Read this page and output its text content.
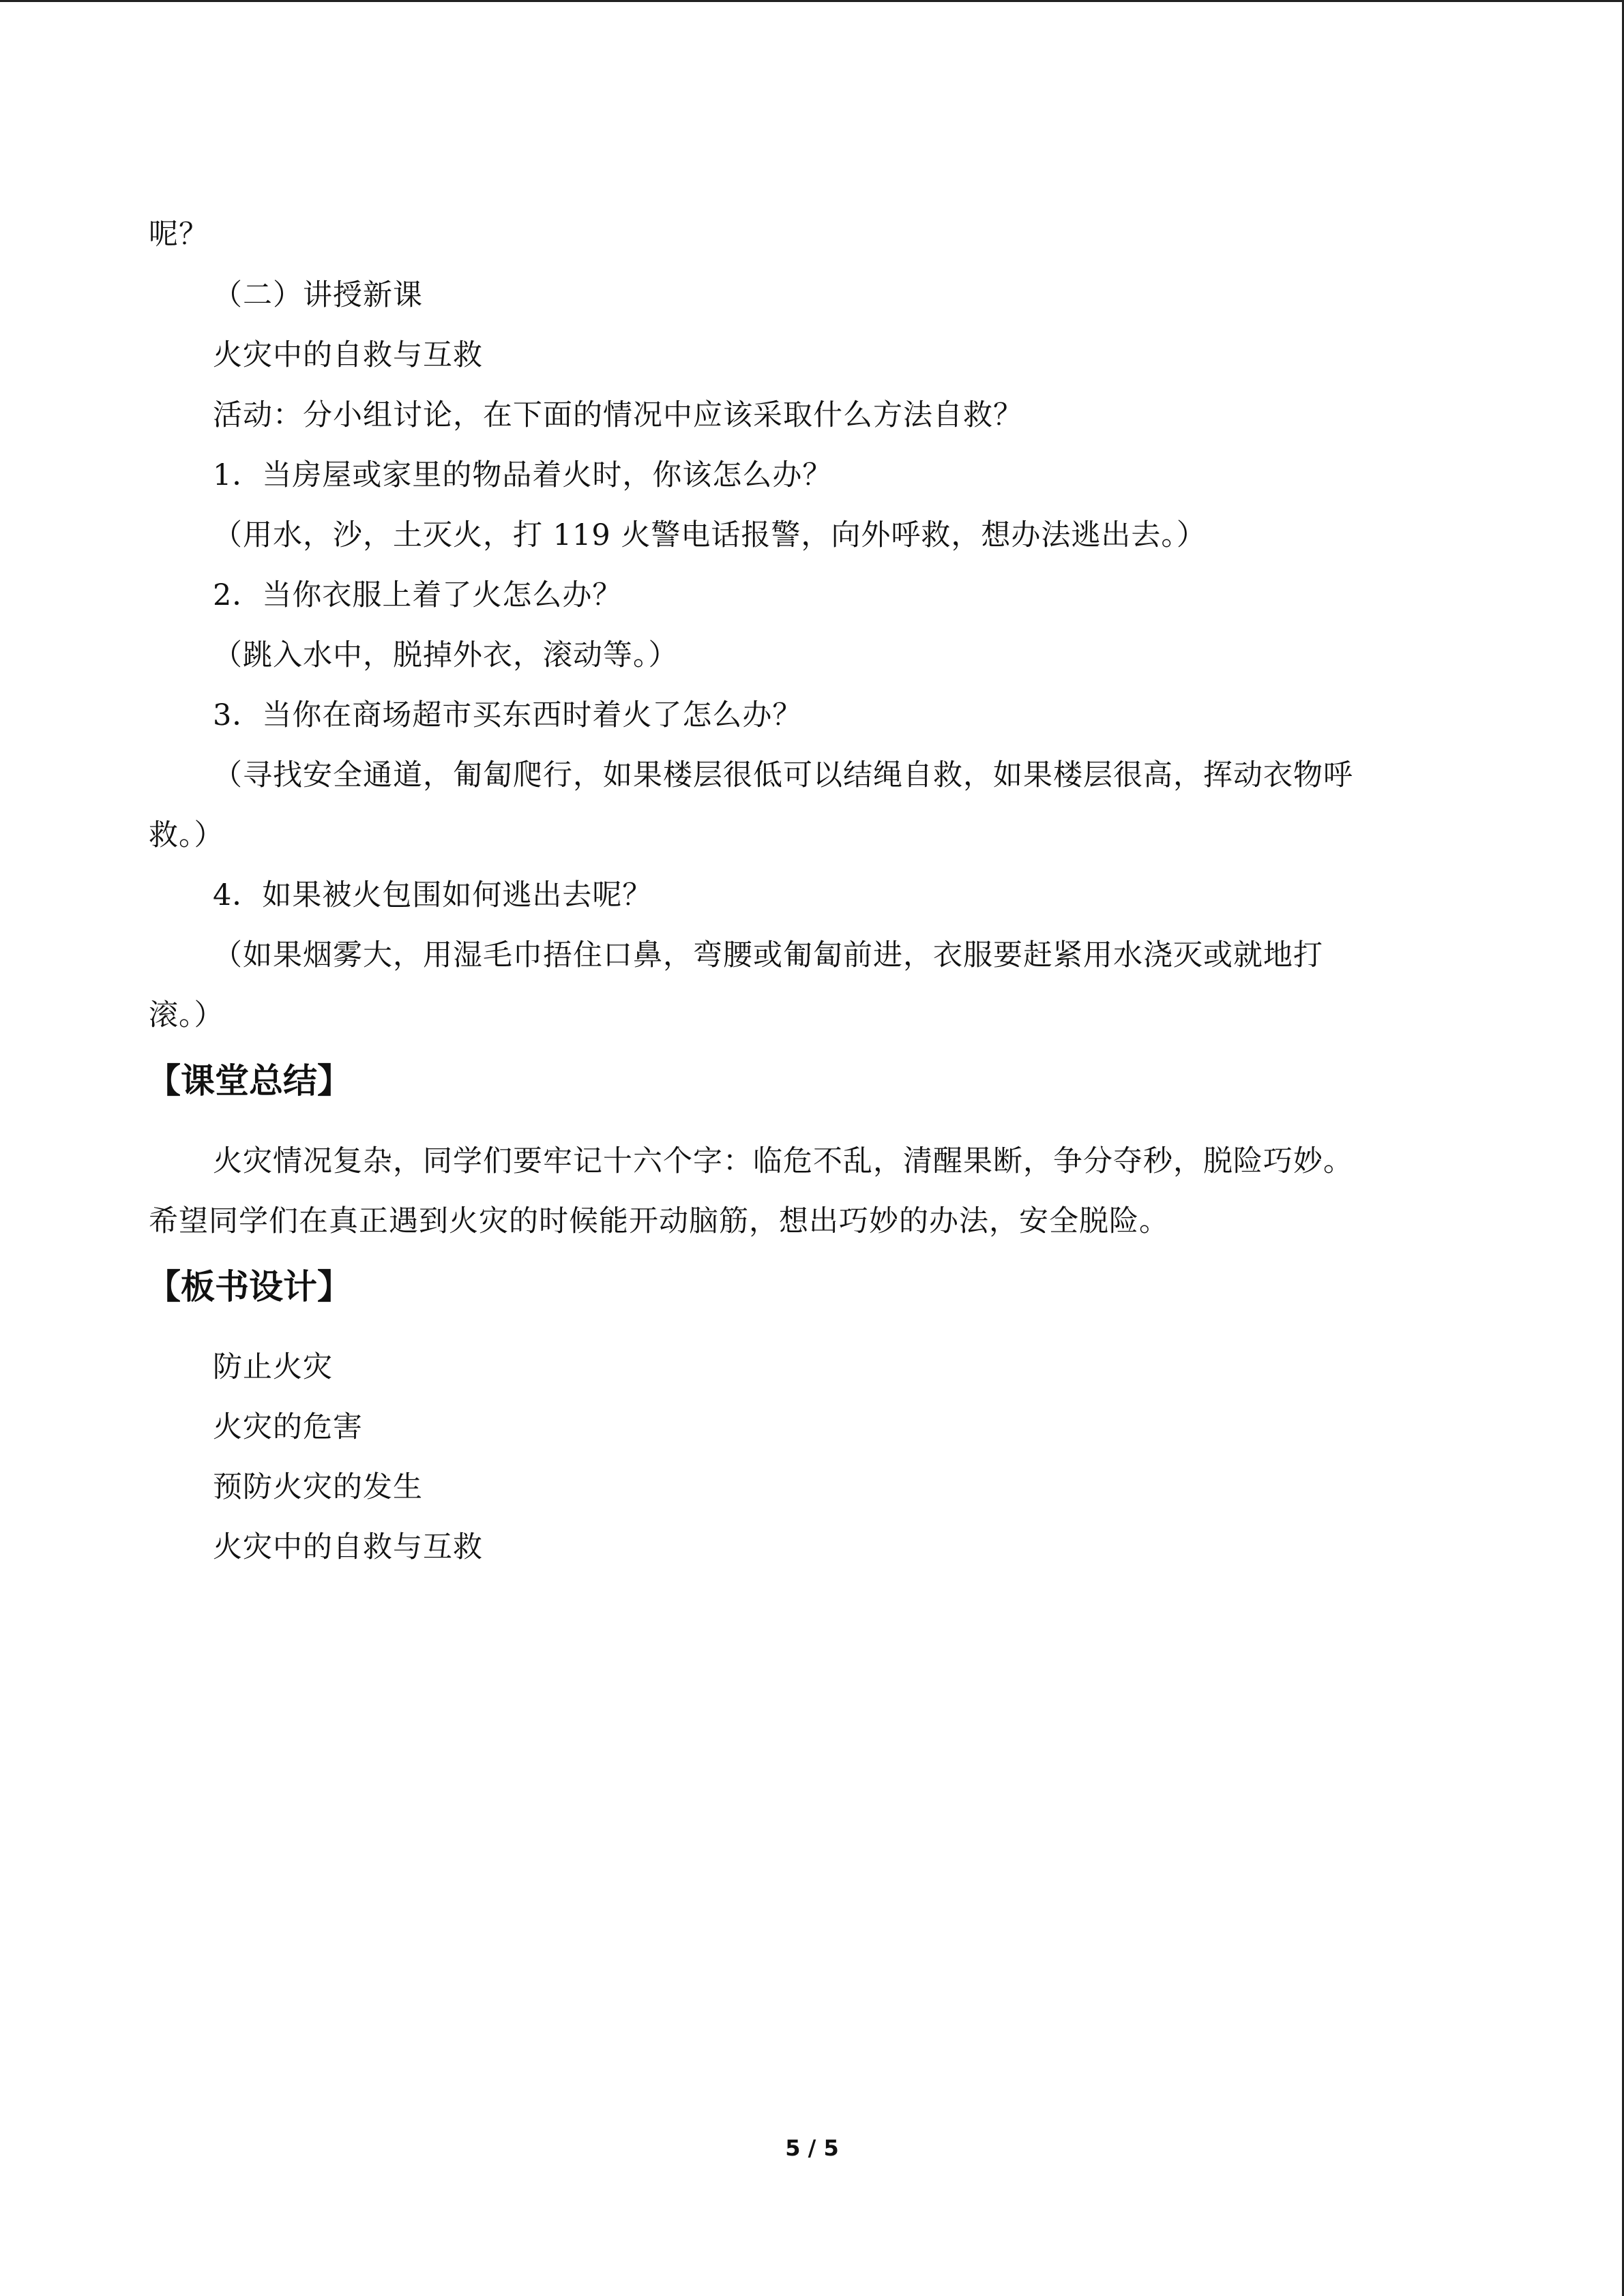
呢？
（二）讲授新课
火灾中的自救与互救
活动：分小组讨论，在下面的情况中应该采取什么方法自救？
1．当房屋或家里的物品着火时，你该怎么办？
（用水，沙，土灭火，打 119 火警电话报警，向外呼救，想办法逃出去。）
2．当你衣服上着了火怎么办？
（跳入水中，脱掉外衣，滚动等。）
3．当你在商场超市买东西时着火了怎么办？
（寻找安全通道，匍匐爬行，如果楼层很低可以结绳自救，如果楼层很高，挥动衣物呼
救。）
4．如果被火包围如何逃出去呢？
（如果烟雾大，用湿毛巾捂住口鼻，弯腰或匍匐前进，衣服要赶紧用水浇灭或就地打
滚。）
【课堂总结】
火灾情况复杂，同学们要牢记十六个字：临危不乱，清醒果断，争分夺秒，脱险巧妙。
希望同学们在真正遇到火灾的时候能开动脑筋，想出巧妙的办法，安全脱险。
【板书设计】
防止火灾
火灾的危害
预防火灾的发生
火灾中的自救与互救
5 / 5
